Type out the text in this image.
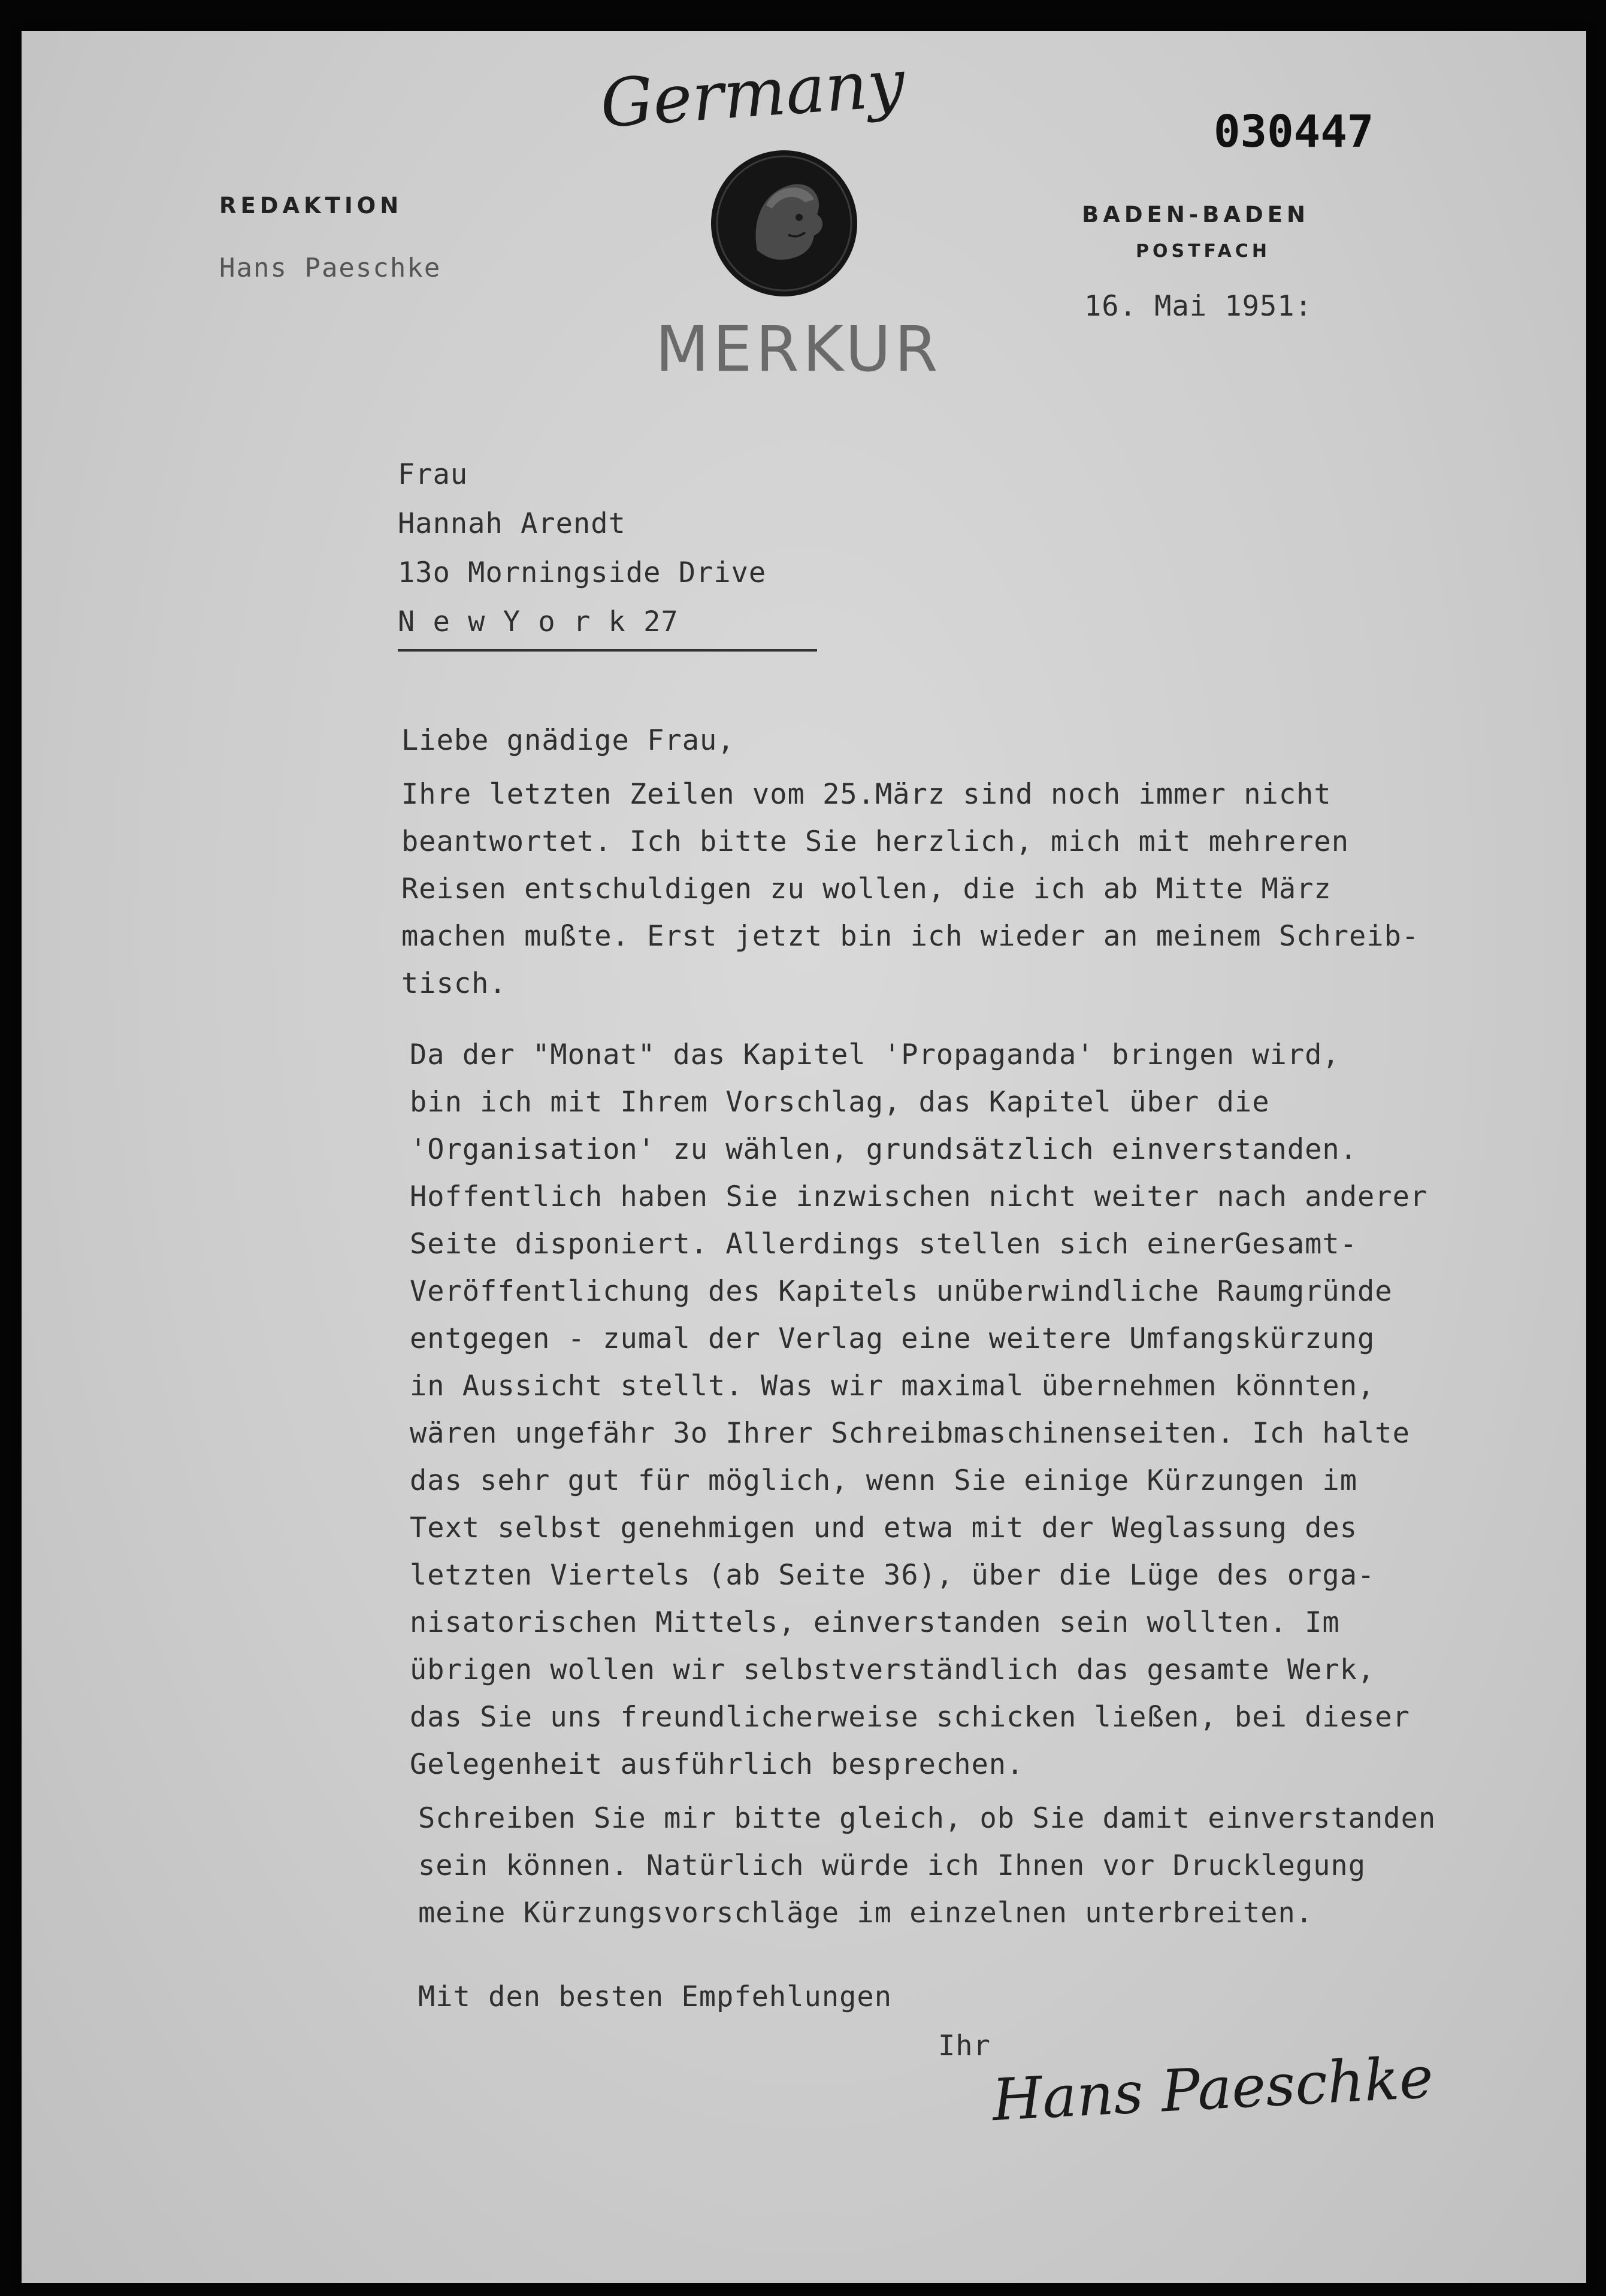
Germany	030447
REDAKTION
Hans Paeschke
MERKUR
BADEN-BADEN
POSTFACH
16. Mai 1951:
Frau
Hannah Arendt
13o Morningside Drive
N e w Y o r k 27
Liebe gnädige Frau,
Ihre letzten Zeilen vom 25.März sind noch immer nicht
beantwortet. Ich bitte Sie herzlich, mich mit mehreren
Reisen entschuldigen zu wollen, die ich ab Mitte März
machen mußte. Erst jetzt bin ich wieder an meinem Schreib-
tisch.
Da der "Monat" das Kapitel 'Propaganda' bringen wird,
bin ich mit Ihrem Vorschlag, das Kapitel über die
'Organisation' zu wählen, grundsätzlich einverstanden.
Hoffentlich haben Sie inzwischen nicht weiter nach anderer
Seite disponiert. Allerdings stellen sich einerGesamt-
Veröffentlichung des Kapitels unüberwindliche Raumgründe
entgegen - zumal der Verlag eine weitere Umfangskürzung
in Aussicht stellt. Was wir maximal übernehmen könnten,
wären ungefähr 3o Ihrer Schreibmaschinenseiten. Ich halte
das sehr gut für möglich, wenn Sie einige Kürzungen im
Text selbst genehmigen und etwa mit der Weglassung des
letzten Viertels (ab Seite 36), über die Lüge des orga-
nisatorischen Mittels, einverstanden sein wollten. Im
übrigen wollen wir selbstverständlich das gesamte Werk,
das Sie uns freundlicherweise schicken ließen, bei dieser
Gelegenheit ausführlich besprechen.
Schreiben Sie mir bitte gleich, ob Sie damit einverstanden
sein können. Natürlich würde ich Ihnen vor Drucklegung
meine Kürzungsvorschläge im einzelnen unterbreiten.
Mit den besten Empfehlungen
Ihr Hans Paeschke
